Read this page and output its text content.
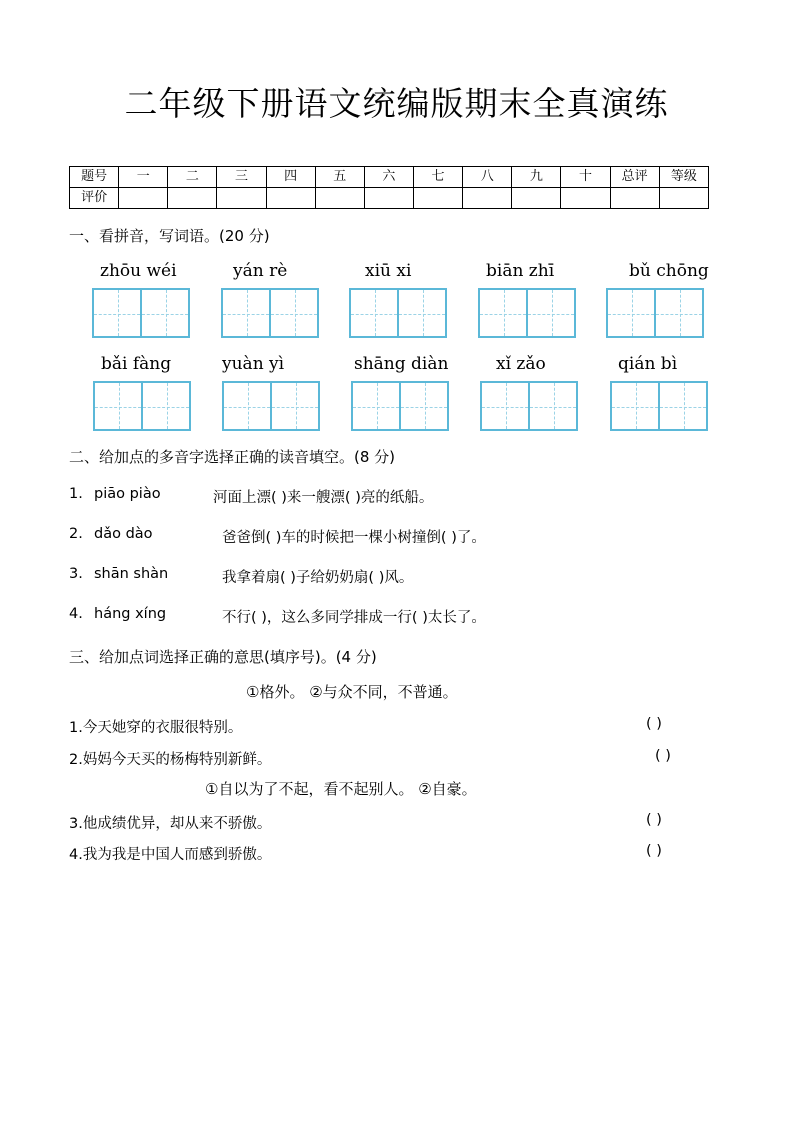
二年级下册语文统编版期末全真演练
题号	一	二	三	四	五	六	七	八	九	十	总评	等级
评价												
一、看拼音，写词语。(20 分)
zhōu wéi	yán rè	xiū xi	biān zhī	bǔ chōng
bǎi fàng	yuàn yì	shāng diàn	xǐ zǎo	qián bì
二、给加点的多音字选择正确的读音填空。(8 分)
1. piāo piào	河面上漂( )来一艘漂( )亮的纸船。
2. dǎo dào	爸爸倒( )车的时候把一棵小树撞倒( )了。
3. shān shàn	我拿着扇( )子给奶奶扇( )风。
4. háng xíng	不行( )，这么多同学排成一行( )太长了。
三、给加点词选择正确的意思(填序号)。(4 分)
①格外。 ②与众不同，不普通。
1.今天她穿的衣服很特别。	( )
2.妈妈今天买的杨梅特别新鲜。	( )
①自以为了不起，看不起别人。 ②自豪。
3.他成绩优异，却从来不骄傲。	( )
4.我为我是中国人而感到骄傲。	( )
